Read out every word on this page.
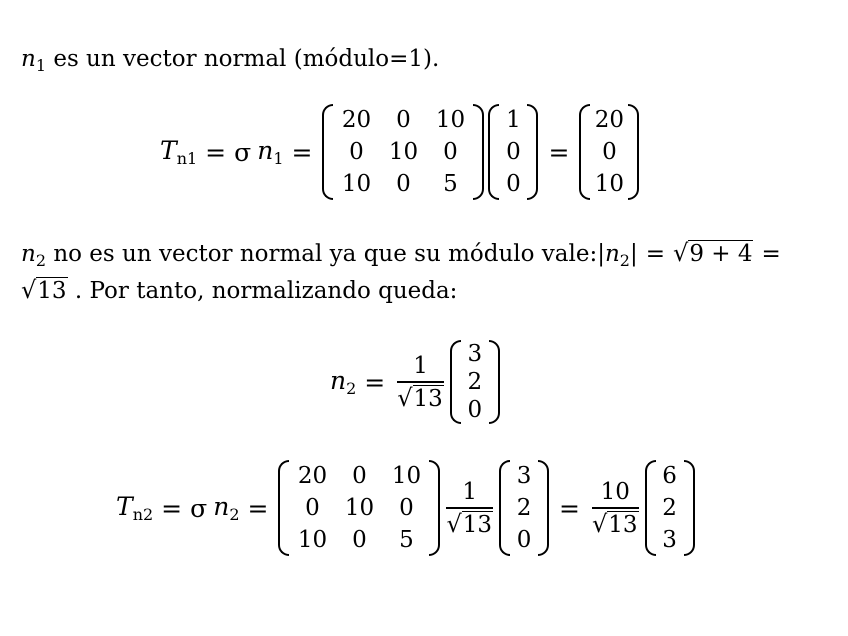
$n_1$ es un vector normal (módulo=1).
$T_{n1} = \sigma$ $n_1$ =
20 0 10
0 10 0
10 0 5
1
0
0
=
20
0
10
$n_2$ no es un vector normal ya que su módulo $vale:|n_2|$ = √ 9 + 4 =
√ 13 . Por tanto, normalizando queda:
$n_2 = \frac{1}{√ 13} 3$
2
0
$T_{n2} = \sigma$ $n_2$ =
20 0 10
0 10 0
10 0 5
$\frac{1}{√ 13}$
3
2
0
= $\frac{10}{√ 13}$
6
2
3
